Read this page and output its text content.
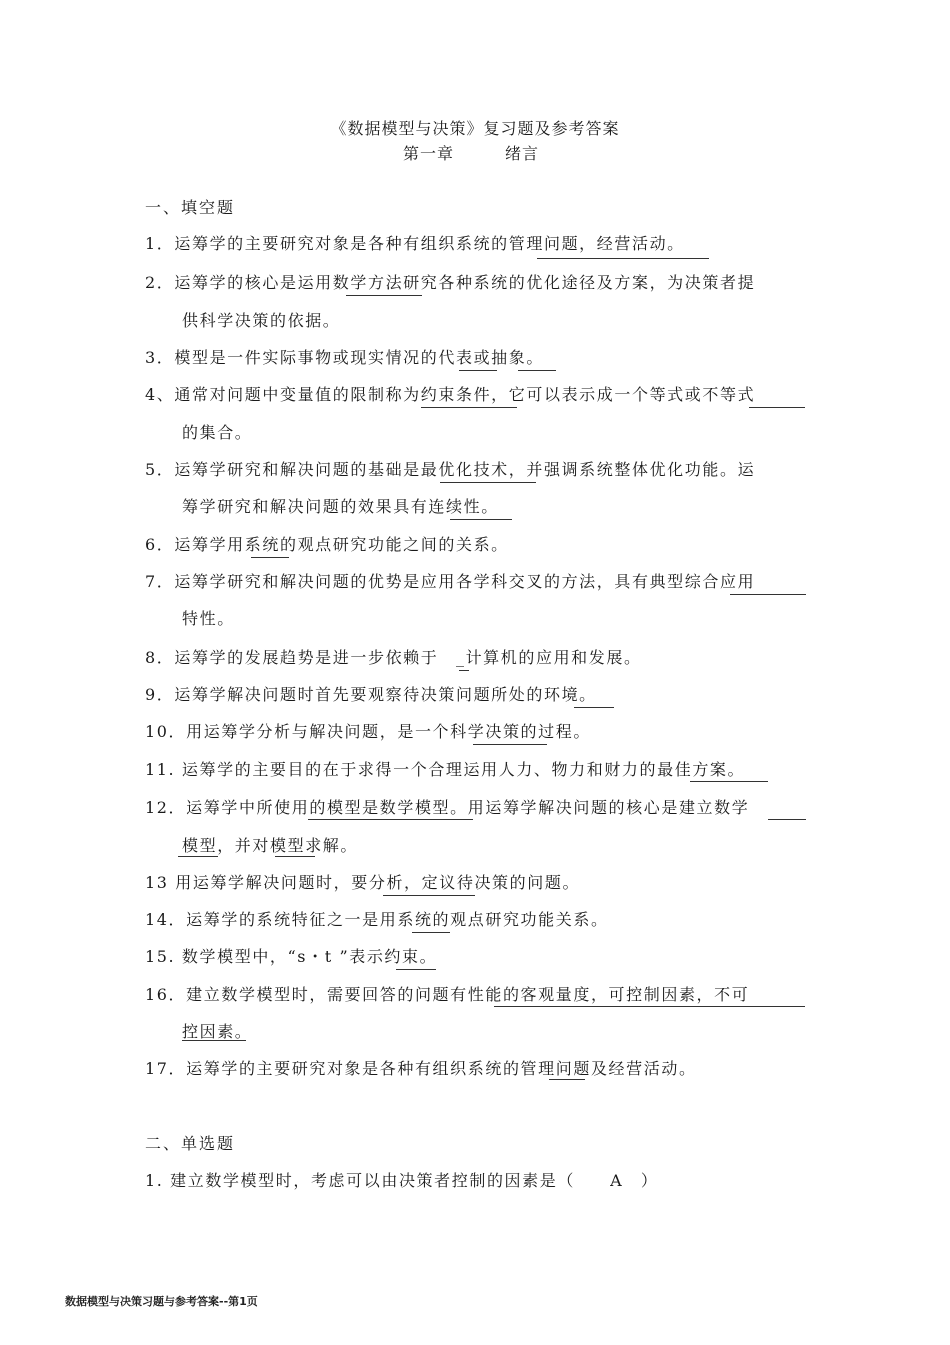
《数据模型与决策》复习题及参考答案
第一章　　　绪言
一、填空题
1．运筹学的主要研究对象是各种有组织系统的管理问题，经营活动。
2．运筹学的核心是运用数学方法研究各种系统的优化途径及方案，为决策者提
供科学决策的依据。
3．模型是一件实际事物或现实情况的代表或抽象。
4、通常对问题中变量值的限制称为约束条件，它可以表示成一个等式或不等式
的集合。
5．运筹学研究和解决问题的基础是最优化技术，并强调系统整体优化功能。运
筹学研究和解决问题的效果具有连续性。
6．运筹学用系统的观点研究功能之间的关系。
7．运筹学研究和解决问题的优势是应用各学科交叉的方法，具有典型综合应用
特性。
8．运筹学的发展趋势是进一步依赖于　_计算机的应用和发展。
9．运筹学解决问题时首先要观察待决策问题所处的环境。
10．用运筹学分析与解决问题，是一个科学决策的过程。
11. 运筹学的主要目的在于求得一个合理运用人力、物力和财力的最佳方案。
12．运筹学中所使用的模型是数学模型。用运筹学解决问题的核心是建立数学
模型，并对模型求解。
13 用运筹学解决问题时，要分析，定议待决策的问题。
14．运筹学的系统特征之一是用系统的观点研究功能关系。
15. 数学模型中，“s・t ”表示约束。
16．建立数学模型时，需要回答的问题有性能的客观量度，可控制因素，不可
控因素。
17．运筹学的主要研究对象是各种有组织系统的管理问题及经营活动。
二、单选题
1. 建立数学模型时，考虑可以由决策者控制的因素是（　　A　）
数据模型与决策习题与参考答案--第1页
